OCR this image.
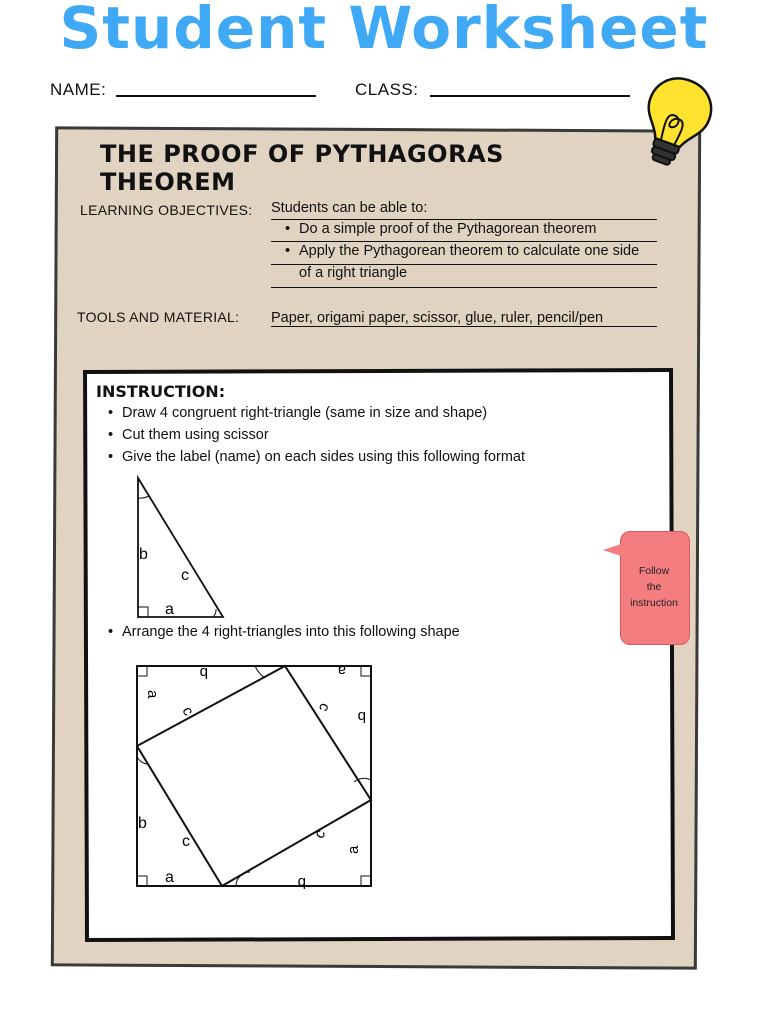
Student Worksheet
NAME:	CLASS:
THE PROOF OF PYTHAGORAS THEOREM
LEARNING OBJECTIVES: Students can be able to:
• Do a simple proof of the Pythagorean theorem
• Apply the Pythagorean theorem to calculate one side
of a right triangle
TOOLS AND MATERIAL: Paper, origami paper, scissor, glue, ruler, pencil/pen
INSTRUCTION:
• Draw 4 congruent right-triangle (same in size and shape)
• Cut them using scissor
• Give the label (name) on each sides using this following format
• Arrange the 4 right-triangles into this following shape
b
c
a
a
b
c
a
b
c
b
c
a
a
b
c
Follow
the
instruction
